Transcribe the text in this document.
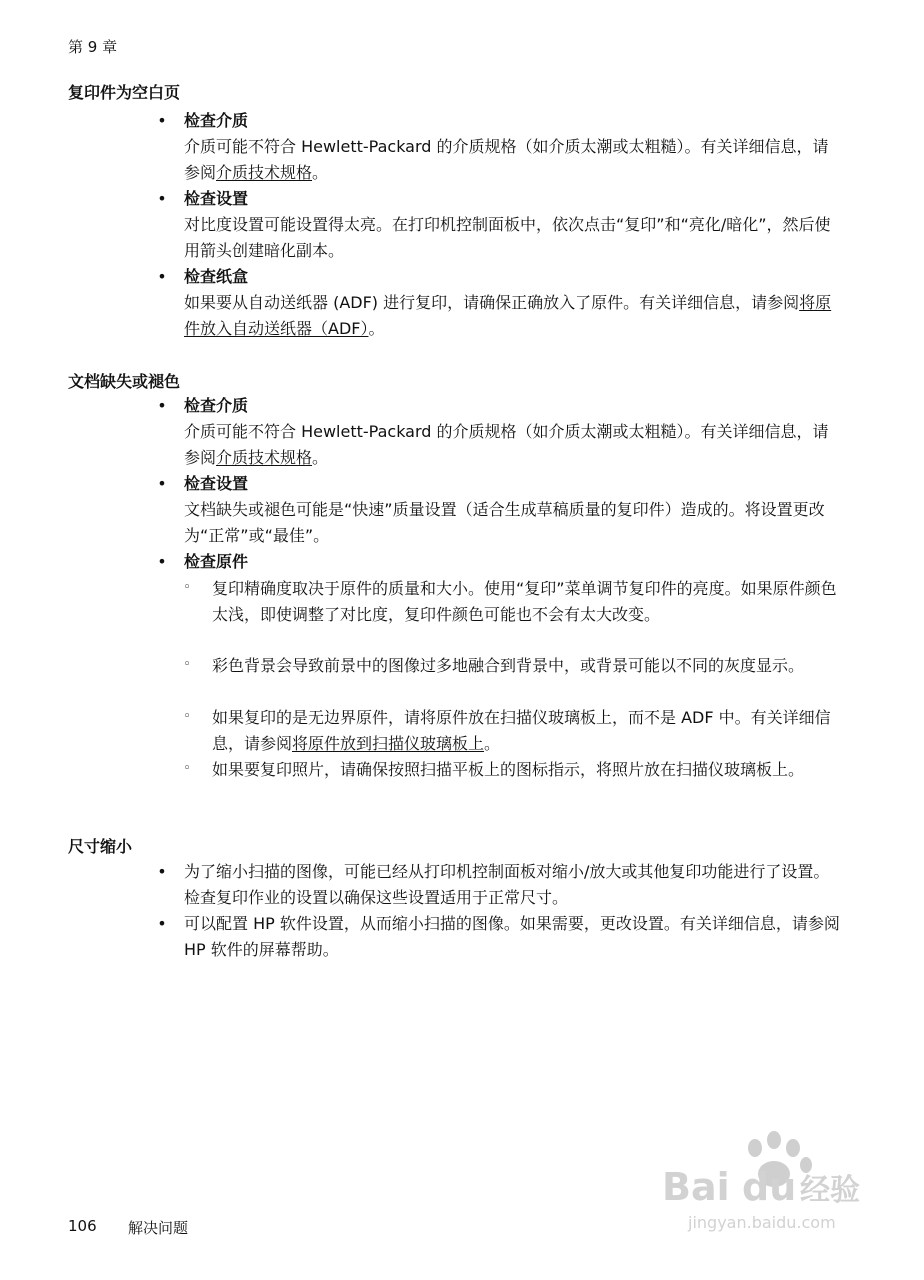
第 9 章
复印件为空白页
•	检查介质
介质可能不符合 Hewlett-Packard 的介质规格（如介质太潮或太粗糙）。有关详细信息，请参阅介质技术规格。
•	检查设置
对比度设置可能设置得太亮。在打印机控制面板中，依次点击“复印”和“亮化/暗化”，然后使用箭头创建暗化副本。
•	检查纸盒
如果要从自动送纸器 (ADF) 进行复印，请确保正确放入了原件。有关详细信息，请参阅将原件放入自动送纸器（ADF）。
文档缺失或褪色
•	检查介质
介质可能不符合 Hewlett-Packard 的介质规格（如介质太潮或太粗糙）。有关详细信息，请参阅介质技术规格。
•	检查设置
文档缺失或褪色可能是“快速”质量设置（适合生成草稿质量的复印件）造成的。将设置更改为“正常”或“最佳”。
•	检查原件
◦ 复印精确度取决于原件的质量和大小。使用“复印”菜单调节复印件的亮度。如果原件颜色太浅，即使调整了对比度，复印件颜色可能也不会有太大改变。
◦ 彩色背景会导致前景中的图像过多地融合到背景中，或背景可能以不同的灰度显示。
◦ 如果复印的是无边界原件，请将原件放在扫描仪玻璃板上，而不是 ADF 中。有关详细信息，请参阅将原件放到扫描仪玻璃板上。
◦ 如果要复印照片，请确保按照扫描平板上的图标指示，将照片放在扫描仪玻璃板上。
尺寸缩小
•	为了缩小扫描的图像，可能已经从打印机控制面板对缩小/放大或其他复印功能进行了设置。检查复印作业的设置以确保这些设置适用于正常尺寸。
•	可以配置 HP 软件设置，从而缩小扫描的图像。如果需要，更改设置。有关详细信息，请参阅 HP 软件的屏幕帮助。
106 解决问题
Bai du 经验
jingyan.baidu.com
